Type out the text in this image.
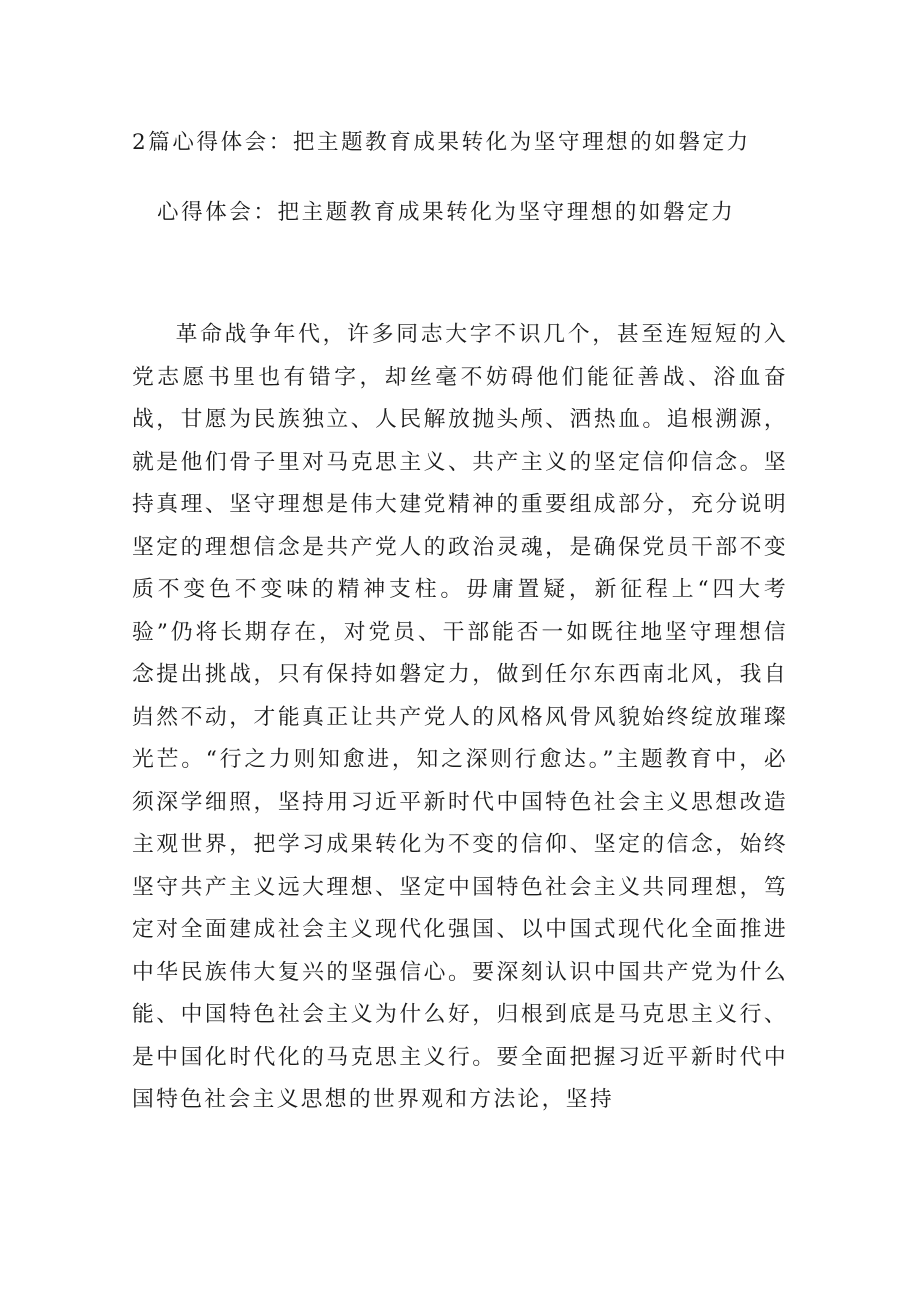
2篇心得体会：把主题教育成果转化为坚守理想的如磐定力
心得体会：把主题教育成果转化为坚守理想的如磐定力

革命战争年代，许多同志大字不识几个，甚至连短短的入党志愿书里也有错字，却丝毫不妨碍他们能征善战、浴血奋战，甘愿为民族独立、人民解放抛头颅、洒热血。追根溯源，就是他们骨子里对马克思主义、共产主义的坚定信仰信念。坚持真理、坚守理想是伟大建党精神的重要组成部分，充分说明坚定的理想信念是共产党人的政治灵魂，是确保党员干部不变质不变色不变味的精神支柱。毋庸置疑，新征程上“四大考验”仍将长期存在，对党员、干部能否一如既往地坚守理想信念提出挑战，只有保持如磐定力，做到任尔东西南北风，我自岿然不动，才能真正让共产党人的风格风骨风貌始终绽放璀璨光芒。“行之力则知愈进，知之深则行愈达。”主题教育中，必须深学细照，坚持用习近平新时代中国特色社会主义思想改造主观世界，把学习成果转化为不变的信仰、坚定的信念，始终坚守共产主义远大理想、坚定中国特色社会主义共同理想，笃定对全面建成社会主义现代化强国、以中国式现代化全面推进中华民族伟大复兴的坚强信心。要深刻认识中国共产党为什么能、中国特色社会主义为什么好，归根到底是马克思主义行、是中国化时代化的马克思主义行。要全面把握习近平新时代中国特色社会主义思想的世界观和方法论，坚持
